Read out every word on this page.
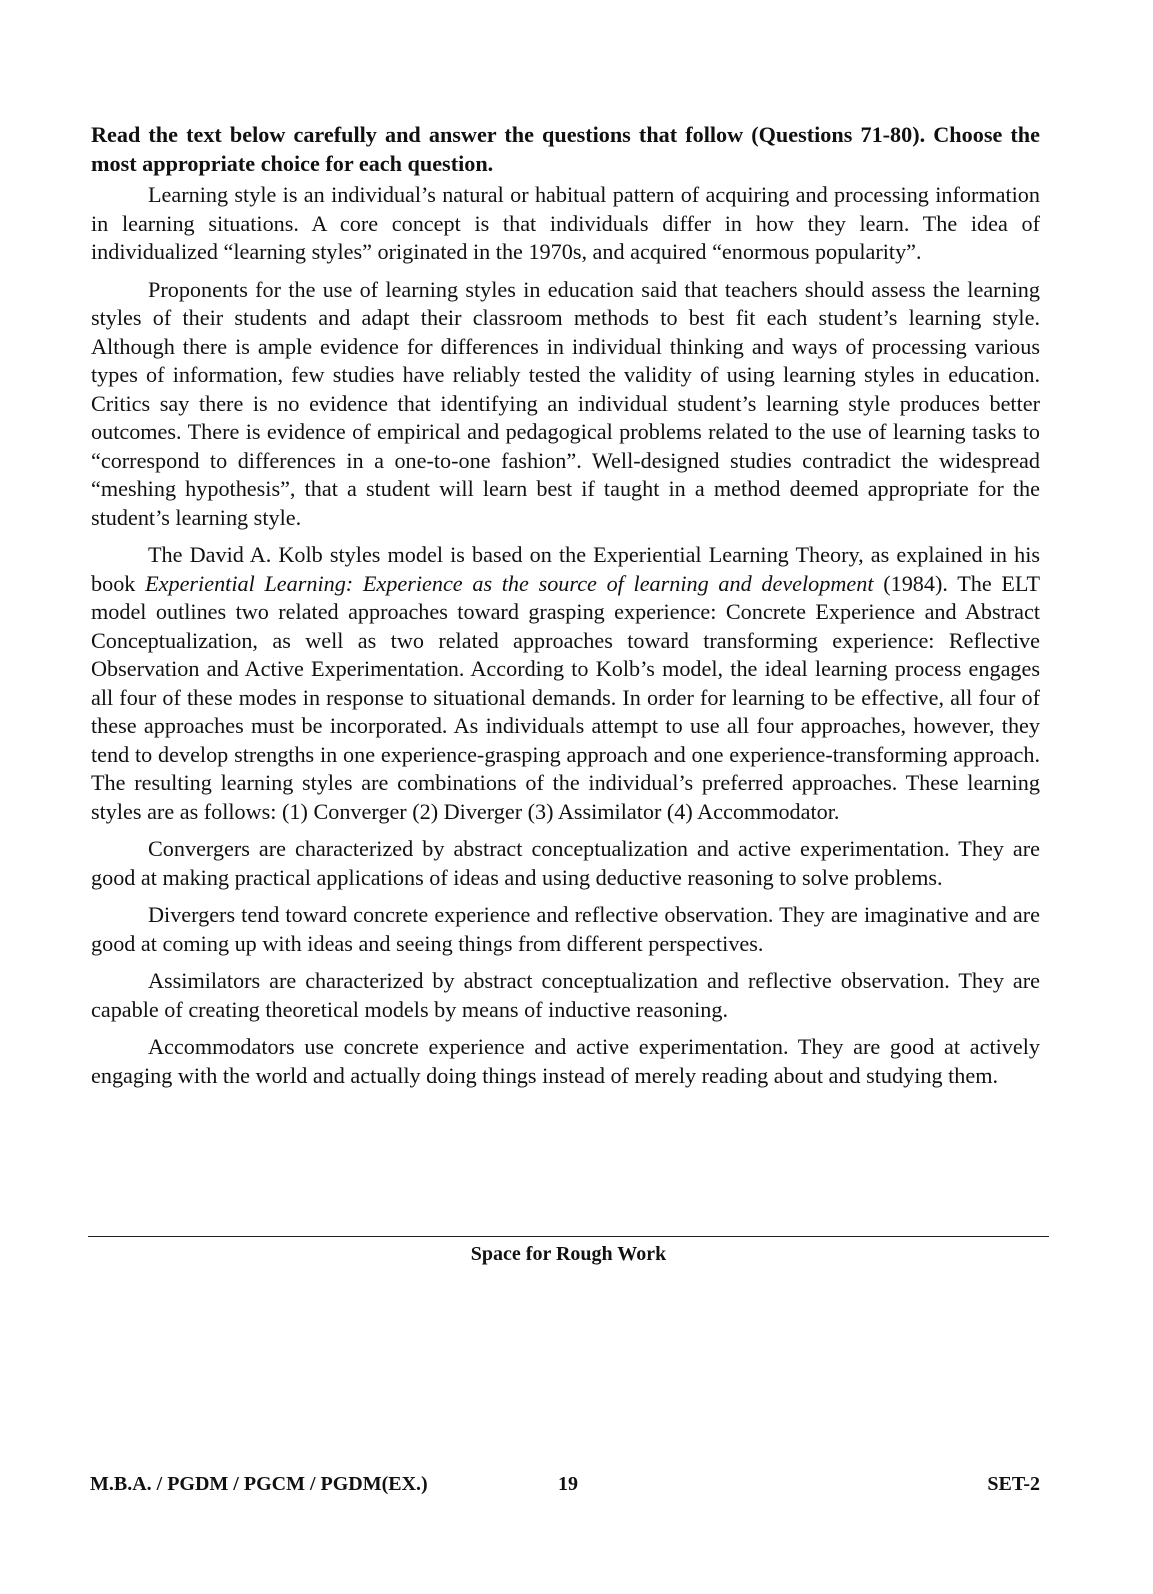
Read the text below carefully and answer the questions that follow (Questions 71-80). Choose the most appropriate choice for each question.

Learning style is an individual’s natural or habitual pattern of acquiring and processing information in learning situations. A core concept is that individuals differ in how they learn. The idea of individualized “learning styles” originated in the 1970s, and acquired “enormous popularity”.

Proponents for the use of learning styles in education said that teachers should assess the learning styles of their students and adapt their classroom methods to best fit each student’s learning style. Although there is ample evidence for differences in individual thinking and ways of processing various types of information, few studies have reliably tested the validity of using learning styles in education. Critics say there is no evidence that identifying an individual student’s learning style produces better outcomes. There is evidence of empirical and pedagogical problems related to the use of learning tasks to “correspond to differences in a one-to-one fashion”. Well-designed studies contradict the widespread “meshing hypothesis”, that a student will learn best if taught in a method deemed appropriate for the student’s learning style.

The David A. Kolb styles model is based on the Experiential Learning Theory, as explained in his book Experiential Learning: Experience as the source of learning and development (1984). The ELT model outlines two related approaches toward grasping experience: Concrete Experience and Abstract Conceptualization, as well as two related approaches toward transforming experience: Reflective Observation and Active Experimentation. According to Kolb’s model, the ideal learning process engages all four of these modes in response to situational demands. In order for learning to be effective, all four of these approaches must be incorporated. As individuals attempt to use all four approaches, however, they tend to develop strengths in one experience-grasping approach and one experience-transforming approach. The resulting learning styles are combinations of the individual’s preferred approaches. These learning styles are as follows: (1) Converger (2) Diverger (3) Assimilator (4) Accommodator.

Convergers are characterized by abstract conceptualization and active experimentation. They are good at making practical applications of ideas and using deductive reasoning to solve problems.

Divergers tend toward concrete experience and reflective observation. They are imaginative and are good at coming up with ideas and seeing things from different perspectives.

Assimilators are characterized by abstract conceptualization and reflective observation. They are capable of creating theoretical models by means of inductive reasoning.

Accommodators use concrete experience and active experimentation. They are good at actively engaging with the world and actually doing things instead of merely reading about and studying them.

Space for Rough Work
M.B.A. / PGDM / PGCM / PGDM(EX.)	19	SET-2
